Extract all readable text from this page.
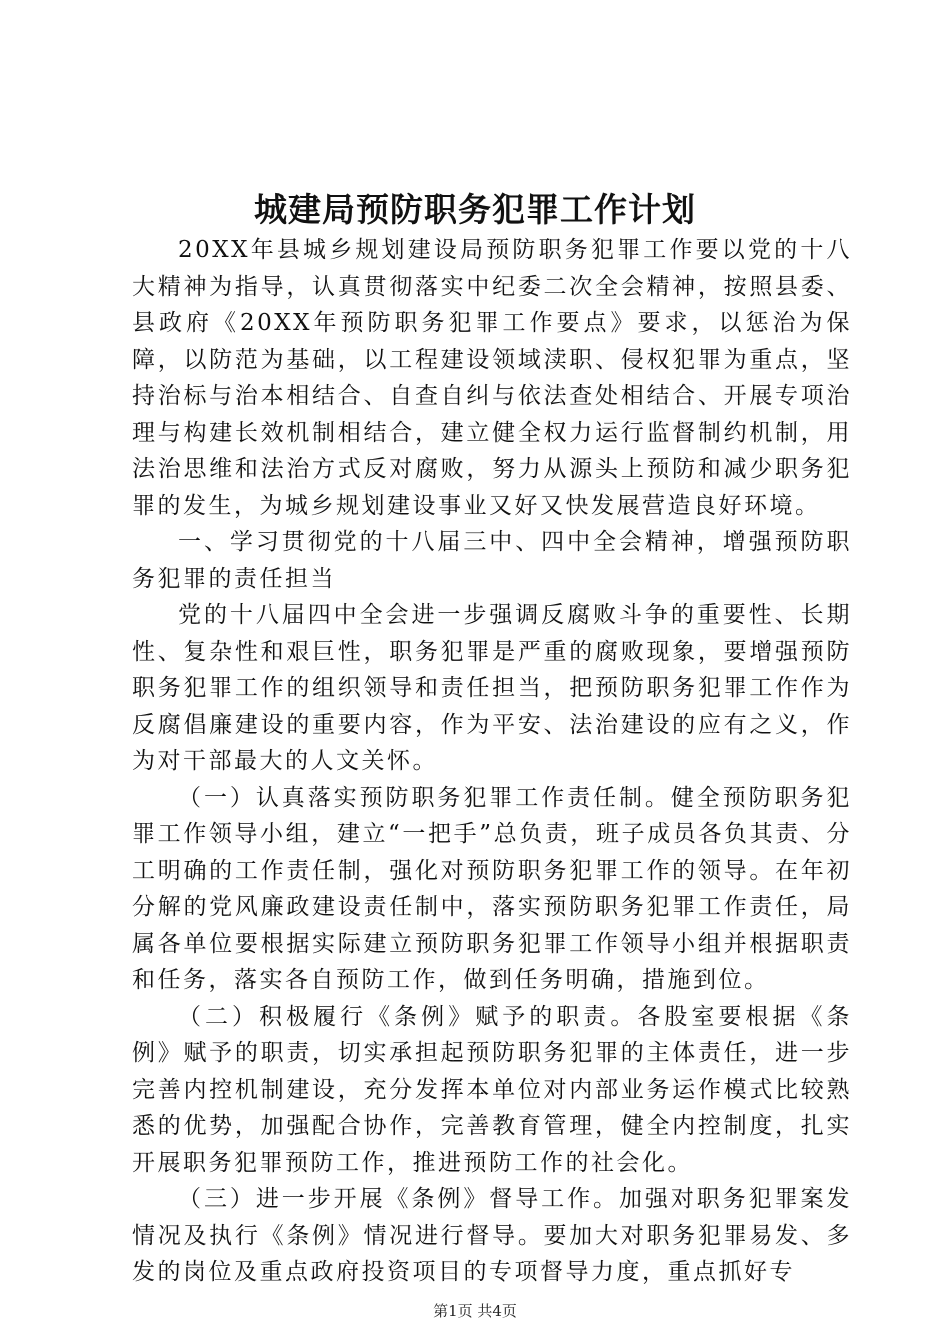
城建局预防职务犯罪工作计划

20XX年县城乡规划建设局预防职务犯罪工作要以党的十八大精神为指导，认真贯彻落实中纪委二次全会精神，按照县委、县政府《20XX年预防职务犯罪工作要点》要求，以惩治为保障，以防范为基础，以工程建设领域渎职、侵权犯罪为重点，坚持治标与治本相结合、自查自纠与依法查处相结合、开展专项治理与构建长效机制相结合，建立健全权力运行监督制约机制，用法治思维和法治方式反对腐败，努力从源头上预防和减少职务犯罪的发生，为城乡规划建设事业又好又快发展营造良好环境。

一、学习贯彻党的十八届三中、四中全会精神，增强预防职务犯罪的责任担当

党的十八届四中全会进一步强调反腐败斗争的重要性、长期性、复杂性和艰巨性，职务犯罪是严重的腐败现象，要增强预防职务犯罪工作的组织领导和责任担当，把预防职务犯罪工作作为反腐倡廉建设的重要内容，作为平安、法治建设的应有之义，作为对干部最大的人文关怀。

（一）认真落实预防职务犯罪工作责任制。健全预防职务犯罪工作领导小组，建立“一把手”总负责，班子成员各负其责、分工明确的工作责任制，强化对预防职务犯罪工作的领导。在年初分解的党风廉政建设责任制中，落实预防职务犯罪工作责任，局属各单位要根据实际建立预防职务犯罪工作领导小组并根据职责和任务，落实各自预防工作，做到任务明确，措施到位。

（二）积极履行《条例》赋予的职责。各股室要根据《条例》赋予的职责，切实承担起预防职务犯罪的主体责任，进一步完善内控机制建设，充分发挥本单位对内部业务运作模式比较熟悉的优势，加强配合协作，完善教育管理，健全内控制度，扎实开展职务犯罪预防工作，推进预防工作的社会化。

（三）进一步开展《条例》督导工作。加强对职务犯罪案发情况及执行《条例》情况进行督导。要加大对职务犯罪易发、多发的岗位及重点政府投资项目的专项督导力度，重点抓好专

第1页 共4页
